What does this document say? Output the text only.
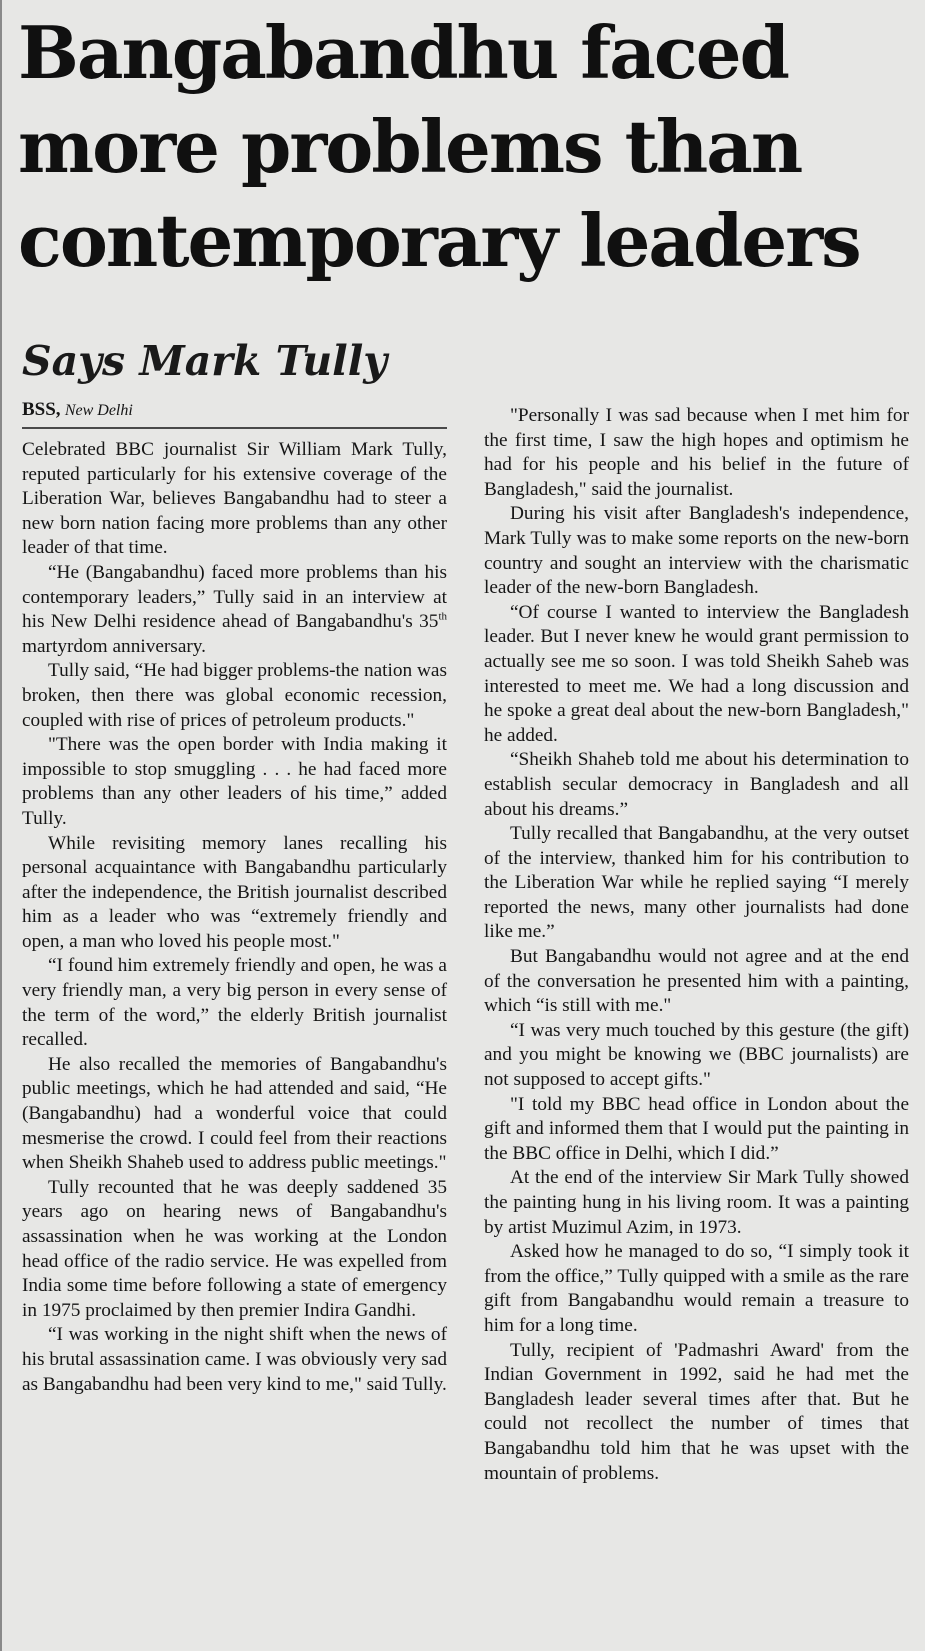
Bangabandhu faced
more problems than
contemporary leaders
Says Mark Tully
BSS, New Delhi

Celebrated BBC journalist Sir William Mark Tully, reputed particularly for his extensive coverage of the Liberation War, believes Bangabandhu had to steer a new born nation facing more problems than any other leader of that time.

“He (Bangabandhu) faced more problems than his contemporary leaders,” Tully said in an interview at his New Delhi residence ahead of Bangabandhu's 35th martyrdom anniversary.

Tully said, “He had bigger problems-the nation was broken, then there was global economic recession, coupled with rise of prices of petroleum products."

"There was the open border with India making it impossible to stop smuggling . . . he had faced more problems than any other leaders of his time,” added Tully.

While revisiting memory lanes recalling his personal acquaintance with Bangabandhu particularly after the independence, the British journalist described him as a leader who was “extremely friendly and open, a man who loved his people most."

“I found him extremely friendly and open, he was a very friendly man, a very big person in every sense of the term of the word,” the elderly British journalist recalled.

He also recalled the memories of Bangabandhu's public meetings, which he had attended and said, “He (Bangabandhu) had a wonderful voice that could mesmerise the crowd. I could feel from their reactions when Sheikh Shaheb used to address public meetings."

Tully recounted that he was deeply saddened 35 years ago on hearing news of Bangabandhu's assassination when he was working at the London head office of the radio service. He was expelled from India some time before following a state of emergency in 1975 proclaimed by then premier Indira Gandhi.

“I was working in the night shift when the news of his brutal assassination came. I was obviously very sad as Bangabandhu had been very kind to me," said Tully.

"Personally I was sad because when I met him for the first time, I saw the high hopes and optimism he had for his people and his belief in the future of Bangladesh," said the journalist.

During his visit after Bangladesh's independence, Mark Tully was to make some reports on the new-born country and sought an interview with the charismatic leader of the new-born Bangladesh.

“Of course I wanted to interview the Bangladesh leader. But I never knew he would grant permission to actually see me so soon. I was told Sheikh Saheb was interested to meet me. We had a long discussion and he spoke a great deal about the new-born Bangladesh," he added.

“Sheikh Shaheb told me about his determination to establish secular democracy in Bangladesh and all about his dreams.”

Tully recalled that Bangabandhu, at the very outset of the interview, thanked him for his contribution to the Liberation War while he replied saying “I merely reported the news, many other journalists had done like me.”

But Bangabandhu would not agree and at the end of the conversation he presented him with a painting, which “is still with me."

“I was very much touched by this gesture (the gift) and you might be knowing we (BBC journalists) are not supposed to accept gifts."

"I told my BBC head office in London about the gift and informed them that I would put the painting in the BBC office in Delhi, which I did.”

At the end of the interview Sir Mark Tully showed the painting hung in his living room. It was a painting by artist Muzimul Azim, in 1973.

Asked how he managed to do so, “I simply took it from the office,” Tully quipped with a smile as the rare gift from Bangabandhu would remain a treasure to him for a long time.

Tully, recipient of 'Padmashri Award' from the Indian Government in 1992, said he had met the Bangladesh leader several times after that. But he could not recollect the number of times that Bangabandhu told him that he was upset with the mountain of problems.
